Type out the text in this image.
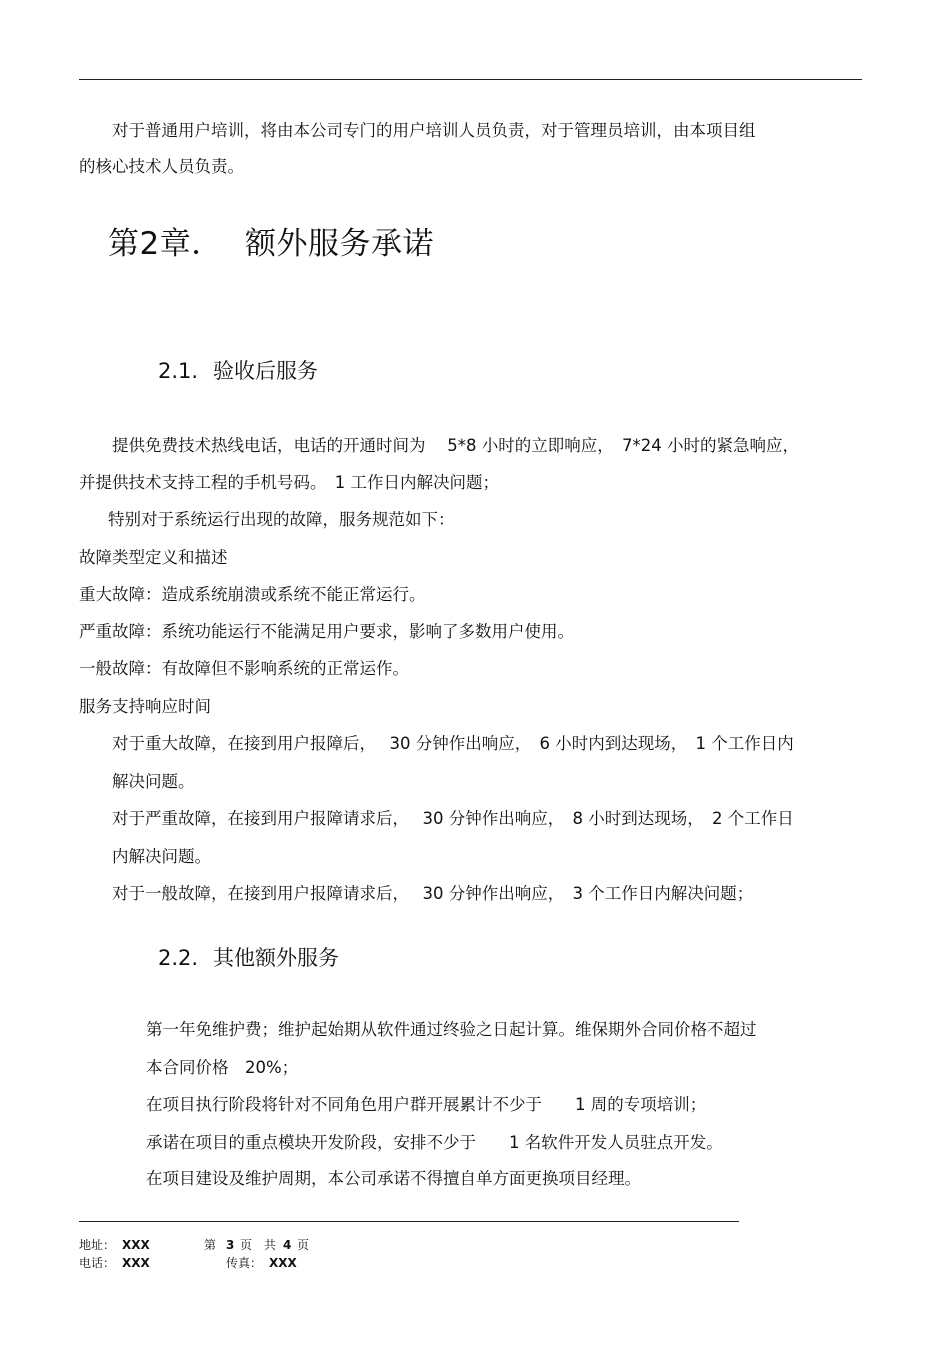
对于普通用户培训，将由本公司专门的用户培训人员负责，对于管理员培训，由本项目组
的核心技术人员负责。
第2章． 额外服务承诺
2.1. 验收后服务
提供免费技术热线电话，电话的开通时间为　 5*8 小时的立即响应，　7*24 小时的紧急响应，
并提供技术支持工程的手机号码。　1 工作日内解决问题；
特别对于系统运行出现的故障，服务规范如下：
故障类型定义和描述
重大故障：造成系统崩溃或系统不能正常运行。
严重故障：系统功能运行不能满足用户要求，影响了多数用户使用。
一般故障：有故障但不影响系统的正常运作。
服务支持响应时间
对于重大故障，在接到用户报障后，　 30 分钟作出响应，　6 小时内到达现场，　1 个工作日内
解决问题。
对于严重故障，在接到用户报障请求后，　 30 分钟作出响应，　8 小时到达现场，　2 个工作日
内解决问题。
对于一般故障，在接到用户报障请求后，　 30 分钟作出响应，　3 个工作日内解决问题；
2.2. 其他额外服务
第一年免维护费；维护起始期从软件通过终验之日起计算。维保期外合同价格不超过
本合同价格　20%；
在项目执行阶段将针对不同角色用户群开展累计不少于　　1 周的专项培训；
承诺在项目的重点模块开发阶段，安排不少于　　1 名软件开发人员驻点开发。
在项目建设及维护周期，本公司承诺不得擅自单方面更换项目经理。
地址： XXX	第 3 页　共 4 页
电话： XXX	传真： XXX
